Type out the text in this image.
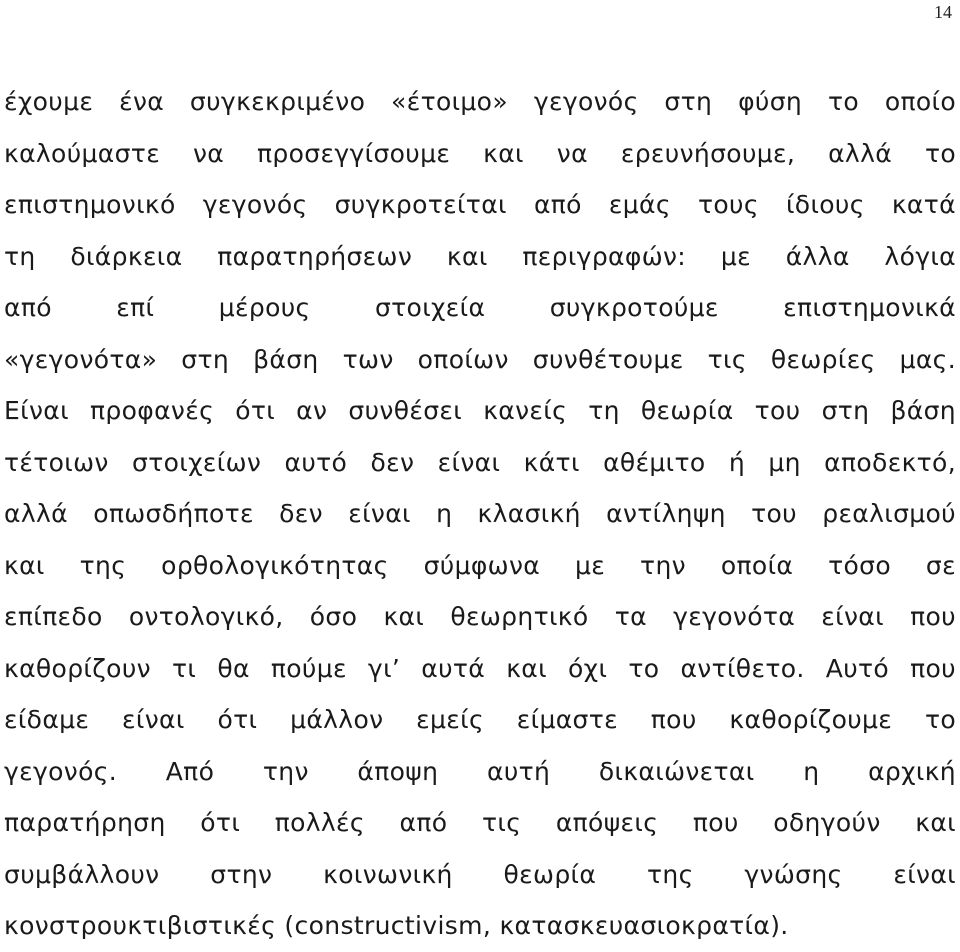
14
έχουμε ένα συγκεκριμένο «έτοιμο» γεγονός στη φύση το οποίο
καλούμαστε να προσεγγίσουμε και να ερευνήσουμε, αλλά το
επιστημονικό γεγονός συγκροτείται από εμάς τους ίδιους κατά
τη διάρκεια παρατηρήσεων και περιγραφών: με άλλα λόγια
από επί μέρους στοιχεία συγκροτούμε επιστημονικά
«γεγονότα» στη βάση των οποίων συνθέτουμε τις θεωρίες μας.
Είναι προφανές ότι αν συνθέσει κανείς τη θεωρία του στη βάση
τέτοιων στοιχείων αυτό δεν είναι κάτι αθέμιτο ή μη αποδεκτό,
αλλά οπωσδήποτε δεν είναι η κλασική αντίληψη του ρεαλισμού
και της ορθολογικότητας σύμφωνα με την οποία τόσο σε
επίπεδο οντολογικό, όσο και θεωρητικό τα γεγονότα είναι που
καθορίζουν τι θα πούμε γι’ αυτά και όχι το αντίθετο. Αυτό που
είδαμε είναι ότι μάλλον εμείς είμαστε που καθορίζουμε το
γεγονός. Από την άποψη αυτή δικαιώνεται η αρχική
παρατήρηση ότι πολλές από τις απόψεις που οδηγούν και
συμβάλλουν στην κοινωνική θεωρία της γνώσης είναι
κονστρουκτιβιστικές (constructivism, κατασκευασιοκρατία).
